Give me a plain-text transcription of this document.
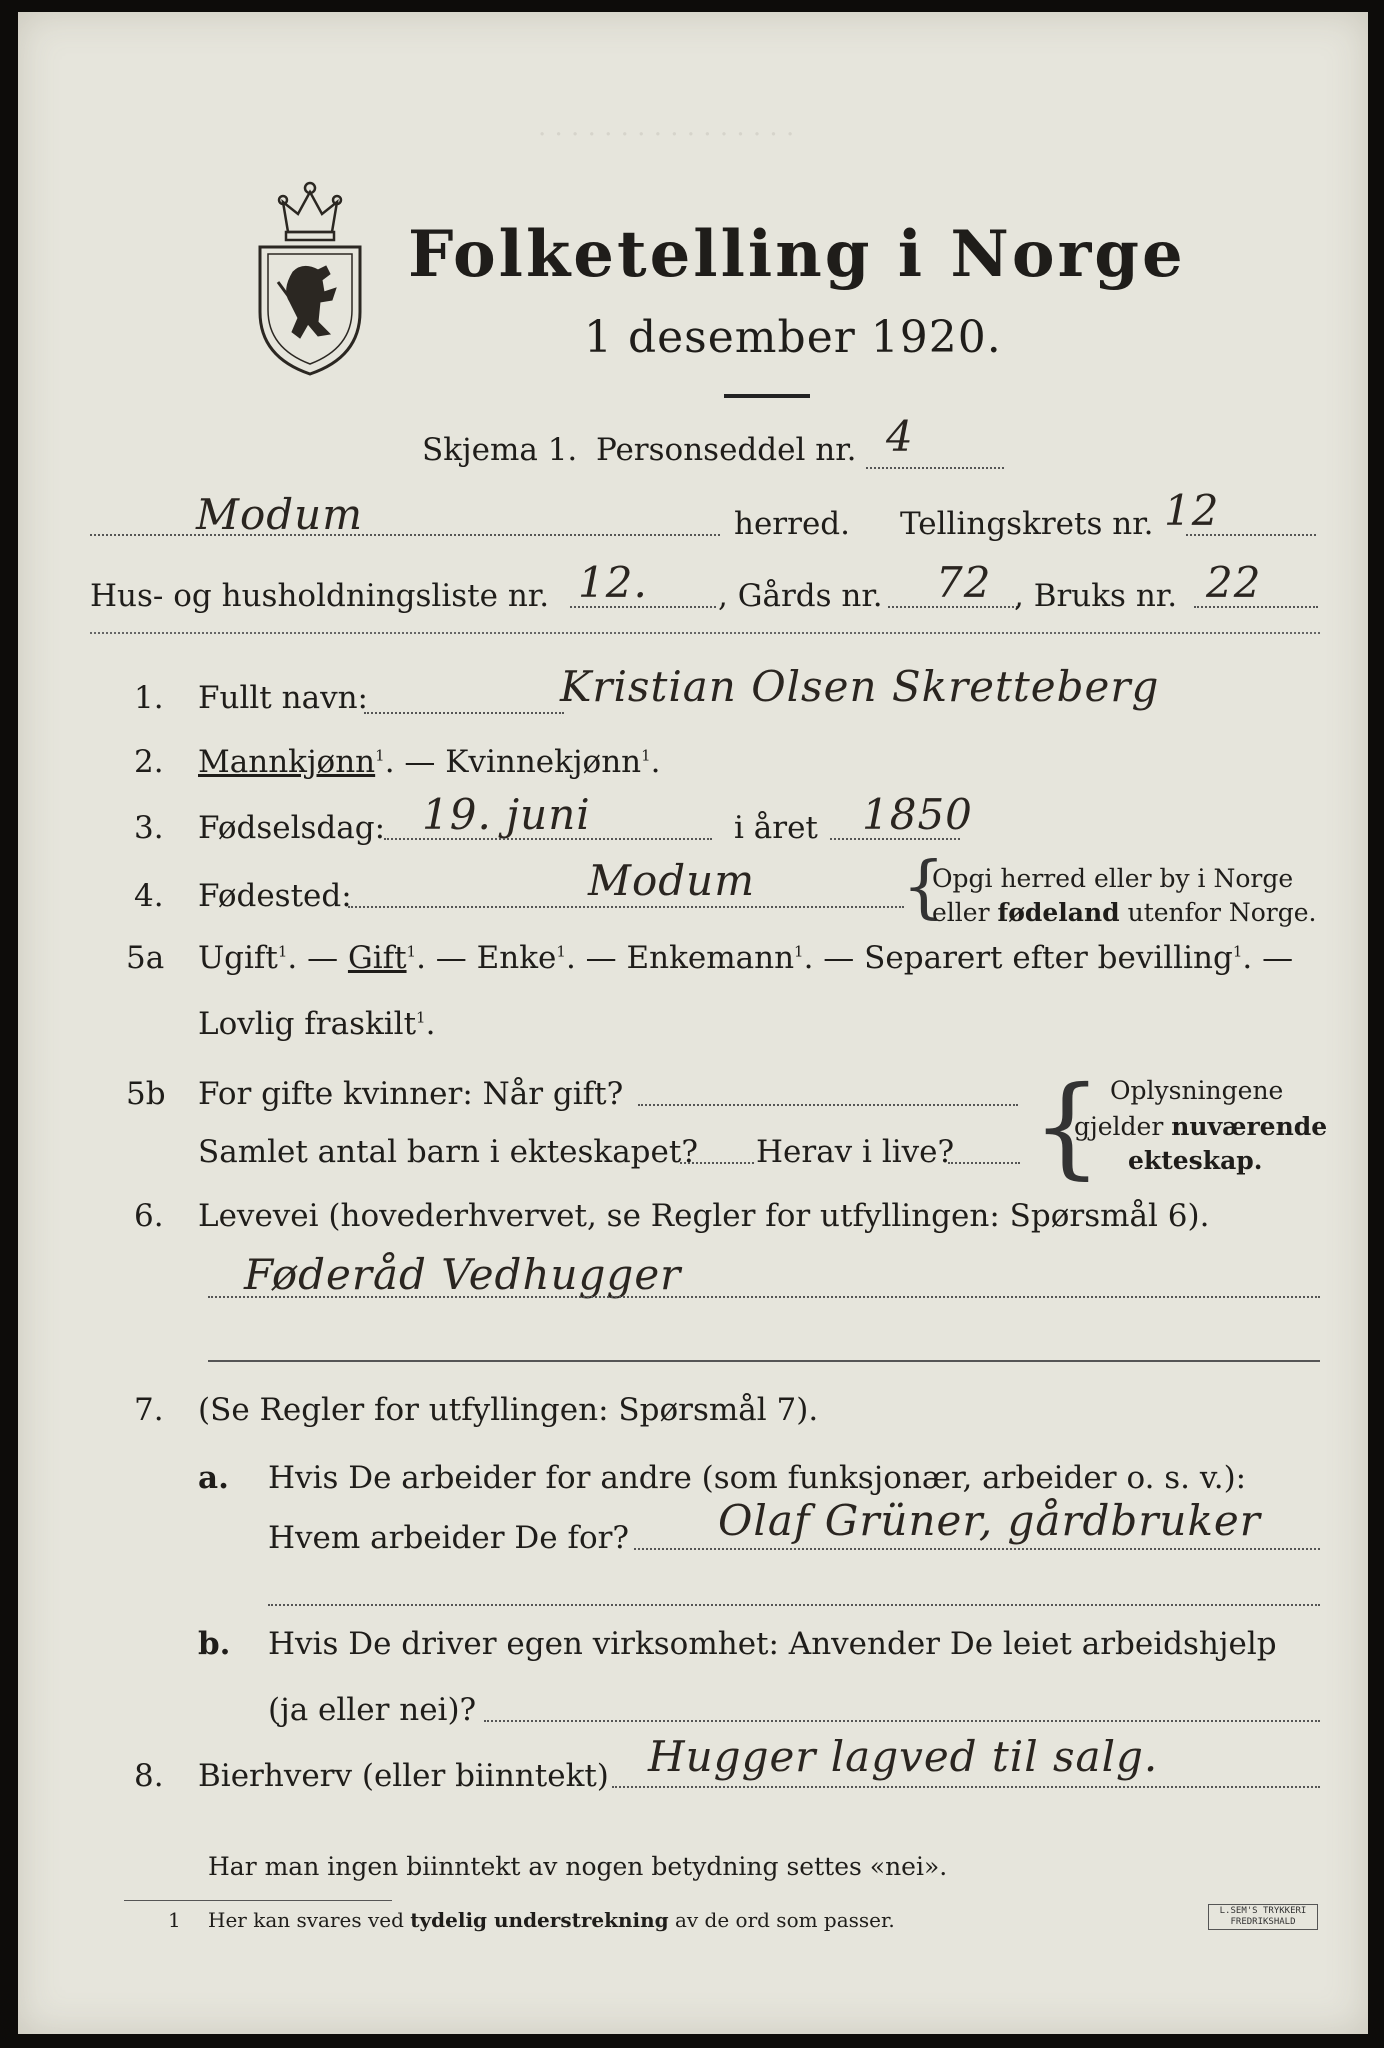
· · · · · · · · · · · · · · · ·
Folketelling i Norge
1 desember 1920.
Skjema 1. Personseddel nr. 4
Modum	herred. Tellingskrets nr. 12
Hus- og husholdningsliste nr. 12. , Gårds nr. 72 , Bruks nr. 22
1. Fullt navn:	Kristian Olsen Skretteberg
2. Mannkjønn$^1$. — Kvinnekjønn$^1$.
3. Fødselsdag: 19. juni	i året 1850
4. Fødested:	Modum {
Opgi herred eller by i Norge
eller fødeland utenfor Norge.
5a Ugift$^1$. — Gift$^1$. — Enke$^1$. — Enkemann$^1$. — Separert efter bevilling$^1$. —
Lovlig fraskilt$^1$.
5b For gifte kvinner: Når gift?
Samlet antal barn i ekteskapet? Herav i live? { Oplysningene
gjelder nuværende
ekteskap.
6. Levevei (hovederhvervet, se Regler for utfyllingen: Spørsmål 6).
Føderåd Vedhugger
7. (Se Regler for utfyllingen: Spørsmål 7).
a. Hvis De arbeider for andre (som funksjonær, arbeider o. s. v.):
Hvem arbeider De for? Olaf Grüner, gårdbruker
b. Hvis De driver egen virksomhet: Anvender De leiet arbeidshjelp
(ja eller nei)?
8. Bierhverv (eller biinntekt) Hugger lagved til salg.
Har man ingen biinntekt av nogen betydning settes «nei».
1 Her kan svares ved tydelig understrekning av de ord som passer.	L.SEM'S TRYKKERI
FREDRIKSHALD
